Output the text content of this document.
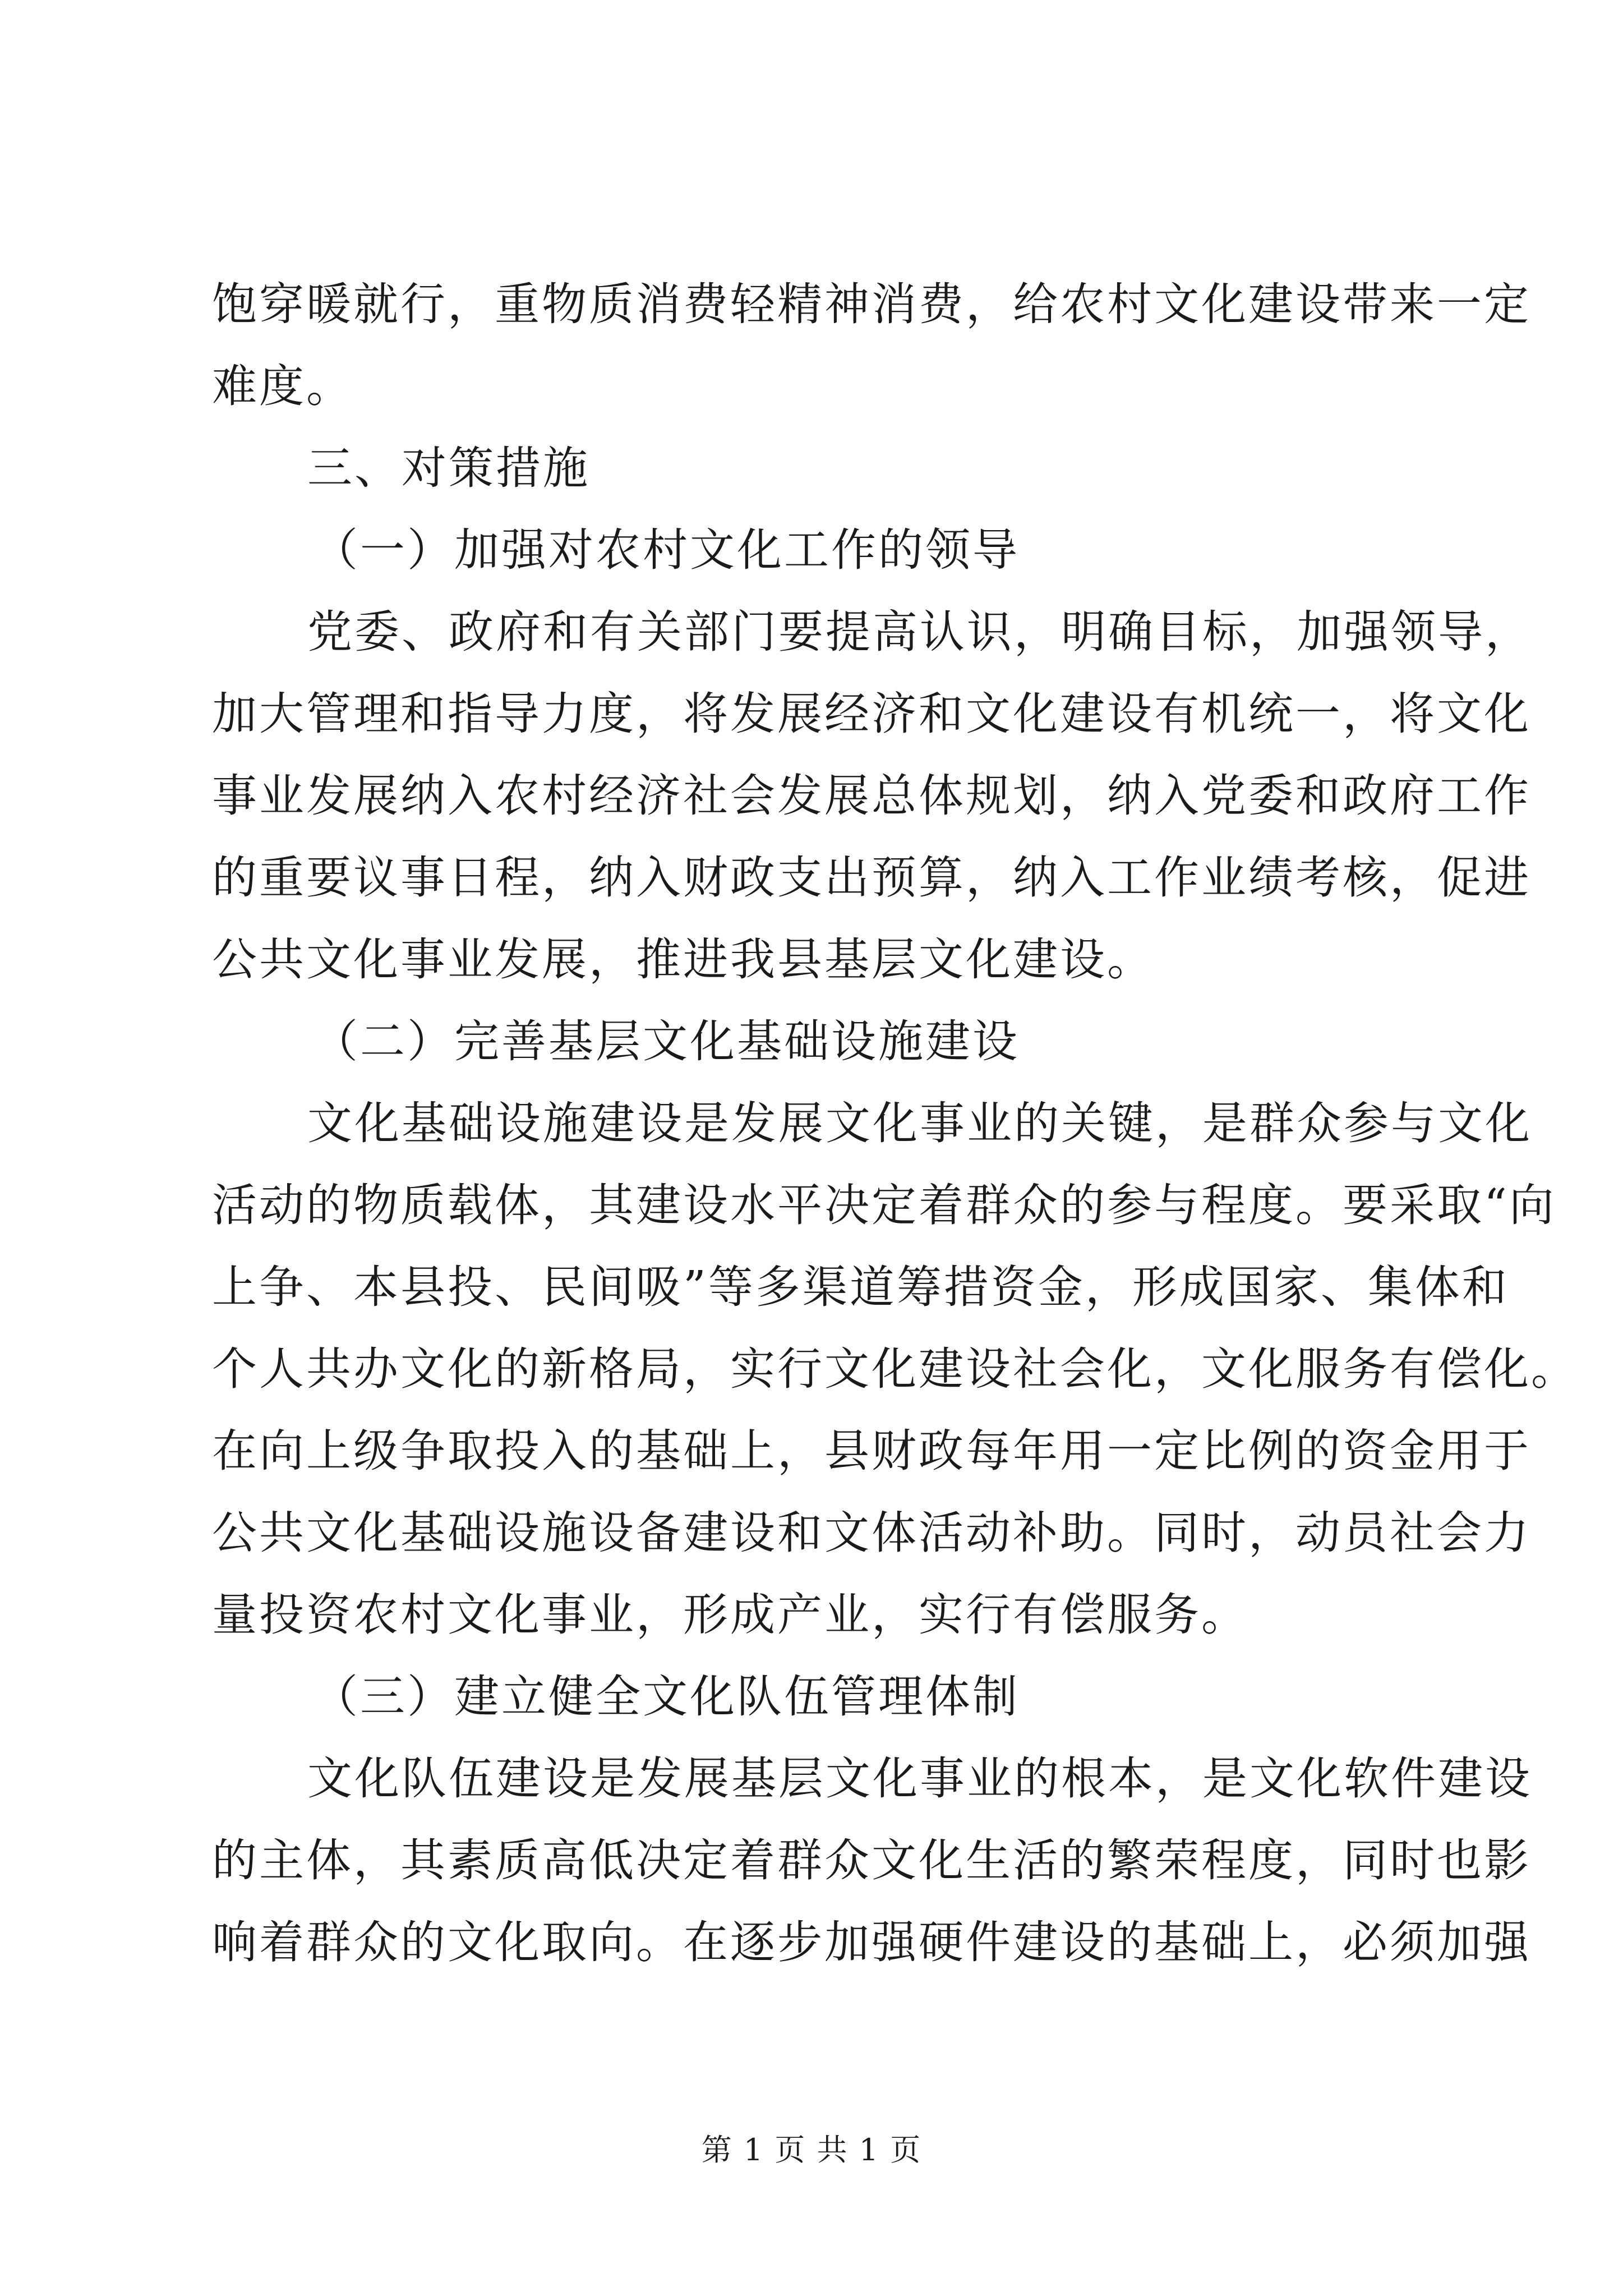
饱穿暖就行，重物质消费轻精神消费，给农村文化建设带来一定
难度。
三、对策措施
（一）加强对农村文化工作的领导
党委、政府和有关部门要提高认识，明确目标，加强领导，
加大管理和指导力度，将发展经济和文化建设有机统一，将文化
事业发展纳入农村经济社会发展总体规划，纳入党委和政府工作
的重要议事日程，纳入财政支出预算，纳入工作业绩考核，促进
公共文化事业发展，推进我县基层文化建设。
（二）完善基层文化基础设施建设
文化基础设施建设是发展文化事业的关键，是群众参与文化
活动的物质载体，其建设水平决定着群众的参与程度。要采取“向
上争、本县投、民间吸”等多渠道筹措资金，形成国家、集体和
个人共办文化的新格局，实行文化建设社会化，文化服务有偿化。
在向上级争取投入的基础上，县财政每年用一定比例的资金用于
公共文化基础设施设备建设和文体活动补助。同时，动员社会力
量投资农村文化事业，形成产业，实行有偿服务。
（三）建立健全文化队伍管理体制
文化队伍建设是发展基层文化事业的根本，是文化软件建设
的主体，其素质高低决定着群众文化生活的繁荣程度，同时也影
响着群众的文化取向。在逐步加强硬件建设的基础上，必须加强
第 1 页 共 1 页
